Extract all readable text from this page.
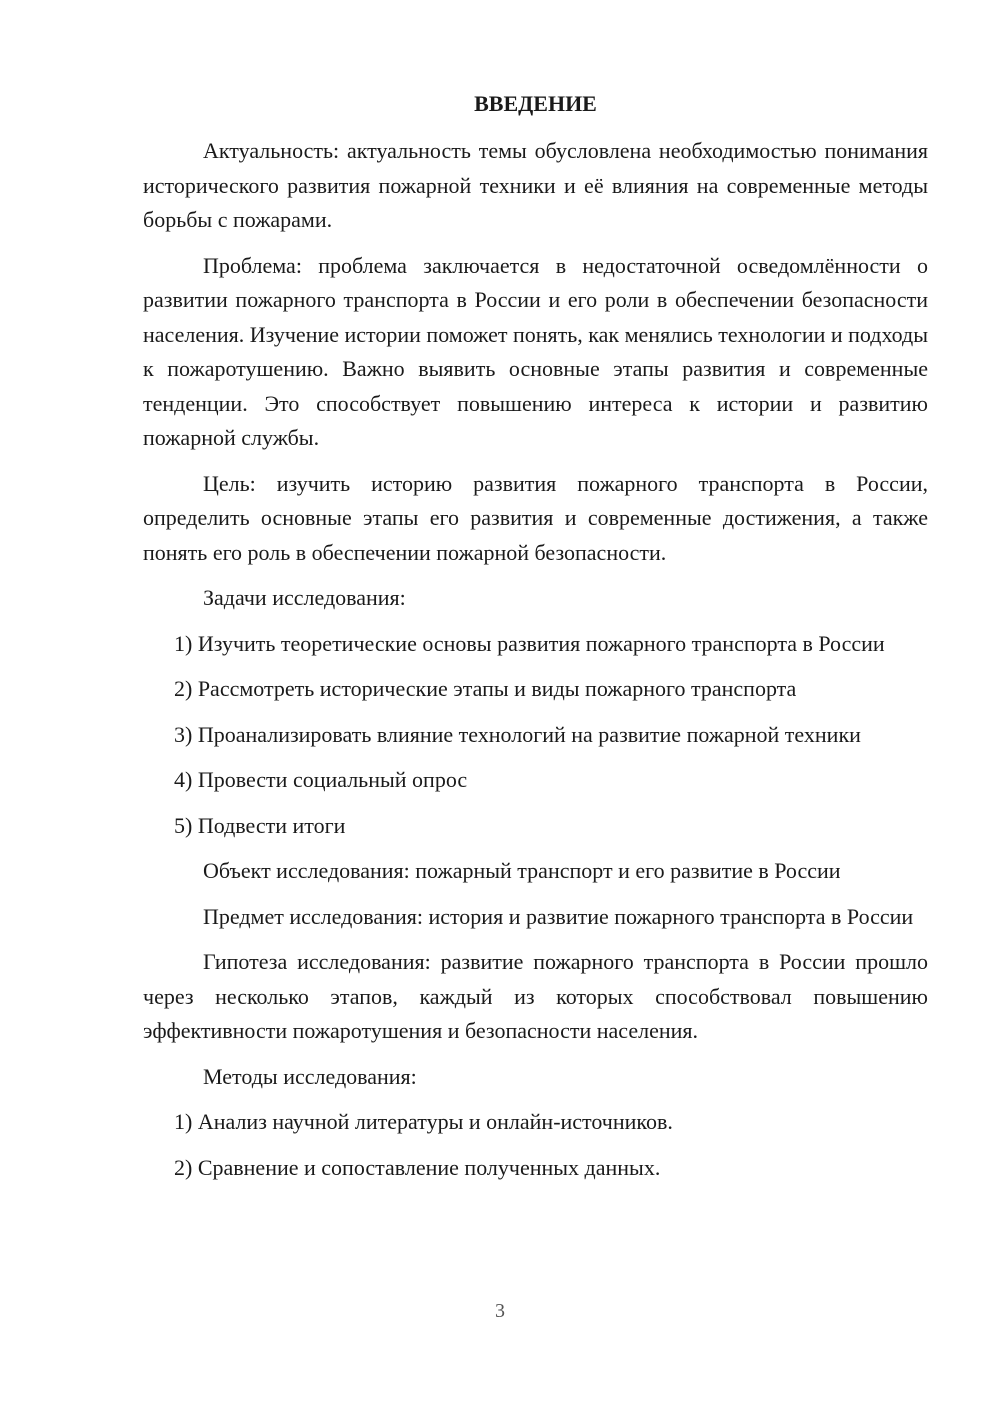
ВВЕДЕНИЕ

Актуальность: актуальность темы обусловлена необходимостью понимания исторического развития пожарной техники и её влияния на современные методы борьбы с пожарами.

Проблема: проблема заключается в недостаточной осведомлённости о развитии пожарного транспорта в России и его роли в обеспечении безопасности населения. Изучение истории поможет понять, как менялись технологии и подходы к пожаротушению. Важно выявить основные этапы развития и современные тенденции. Это способствует повышению интереса к истории и развитию пожарной службы.

Цель: изучить историю развития пожарного транспорта в России, определить основные этапы его развития и современные достижения, а также понять его роль в обеспечении пожарной безопасности.

Задачи исследования:

1) Изучить теоретические основы развития пожарного транспорта в России

2) Рассмотреть исторические этапы и виды пожарного транспорта

3) Проанализировать влияние технологий на развитие пожарной техники

4) Провести социальный опрос

5) Подвести итоги

Объект исследования: пожарный транспорт и его развитие в России

Предмет исследования: история и развитие пожарного транспорта в России

Гипотеза исследования: развитие пожарного транспорта в России прошло через несколько этапов, каждый из которых способствовал повышению эффективности пожаротушения и безопасности населения.

Методы исследования:

1) Анализ научной литературы и онлайн-источников.

2) Сравнение и сопоставление полученных данных.

3
